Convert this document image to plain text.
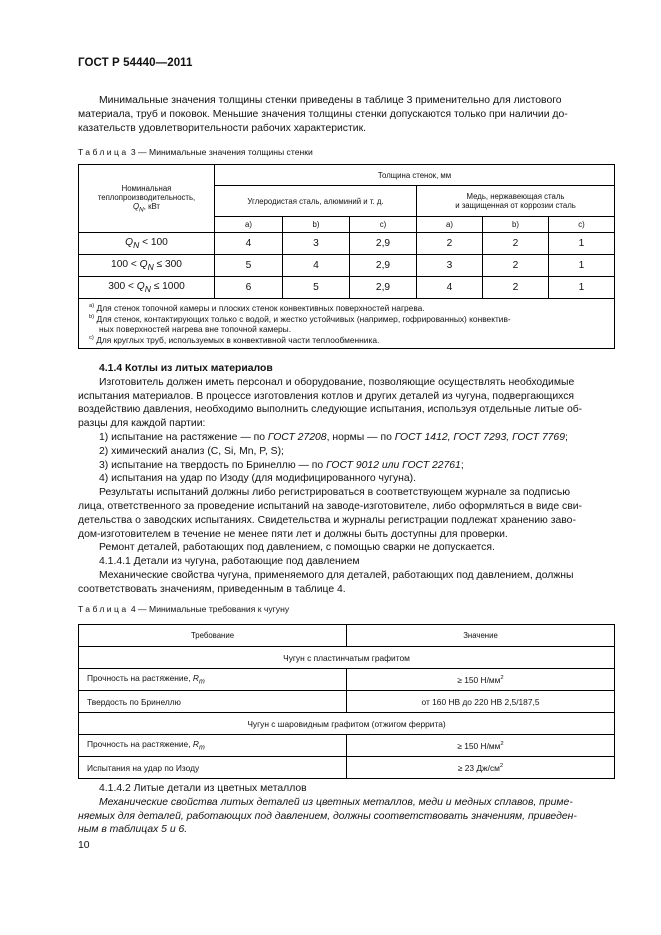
ГОСТ Р 54440—2011

Минимальные значения толщины стенки приведены в таблице 3 применительно для листового

материала, труб и поковок. Меньшие значения толщины стенки допускаются только при наличии до-

казательств удовлетворительности рабочих характеристик.

Таблица 3 — Минимальные значения толщины стенки
Номинальная
теплопроизводительность,
$Q_N$, кВт	Толщина стенок, мм					
	Углеродистая сталь, алюминий и т. д.			Медь, нержавеющая сталь
и защищенная от коррозии сталь		
	a)	b)	c)	a)	b)	c)
$Q_N < 100$	4	3	2,9	2	2	1
$100 < Q_N \le 300$	5	4	2,9	3	2	1
$300 < Q_N \le 1000$	6	5	2,9	4	2	1

$^{a)}$ Для стенок топочной камеры и плоских стенок конвективных поверхностей нагрева.

$^{b)}$ Для стенок, контактирующих только с водой, и жестко устойчивых (например, гофрированных) конвектив-

ных поверхностей нагрева вне топочной камеры.

$^{c)}$ Для круглых труб, используемых в конвективной части теплообменника.						

4.1.4 Котлы из литых материалов

Изготовитель должен иметь персонал и оборудование, позволяющие осуществлять необходимые

испытания материалов. В процессе изготовления котлов и других деталей из чугуна, подвергающихся

воздействию давления, необходимо выполнить следующие испытания, используя отдельные литые об-

разцы для каждой партии:

1) испытание на растяжение — по ГОСТ 27208, нормы — по ГОСТ 1412, ГОСТ 7293, ГОСТ 7769;

2) химический анализ (C, Si, Mn, P, S);

3) испытание на твердость по Бринеллю — по ГОСТ 9012 или ГОСТ 22761;

4) испытания на удар по Изоду (для модифицированного чугуна).

Результаты испытаний должны либо регистрироваться в соответствующем журнале за подписью

лица, ответственного за проведение испытаний на заводе-изготовителе, либо оформляться в виде сви-

детельства о заводских испытаниях. Свидетельства и журналы регистрации подлежат хранению заво-

дом-изготовителем в течение не менее пяти лет и должны быть доступны для проверки.

Ремонт деталей, работающих под давлением, с помощью сварки не допускается.

4.1.4.1 Детали из чугуна, работающие под давлением

Механические свойства чугуна, применяемого для деталей, работающих под давлением, должны

соответствовать значениям, приведенным в таблице 4.

Таблица 4 — Минимальные требования к чугуну
Требование	Значение
Чугун с пластинчатым графитом	
Прочность на растяжение, $R_m$	≥ 150 $Н/мм^2$
Твердость по Бринеллю	от 160 HB до 220 HB 2,5/187,5
Чугун с шаровидным графитом (отжигом феррита)	
Прочность на растяжение, $R_m$	≥ 150 $Н/мм^2$
Испытания на удар по Изоду	≥ 23 $Дж/см^2$

4.1.4.2 Литые детали из цветных металлов

Механические свойства литых деталей из цветных металлов, меди и медных сплавов, приме-

няемых для деталей, работающих под давлением, должны соответствовать значениям, приведен-

ным в таблицах 5 и 6.

10
